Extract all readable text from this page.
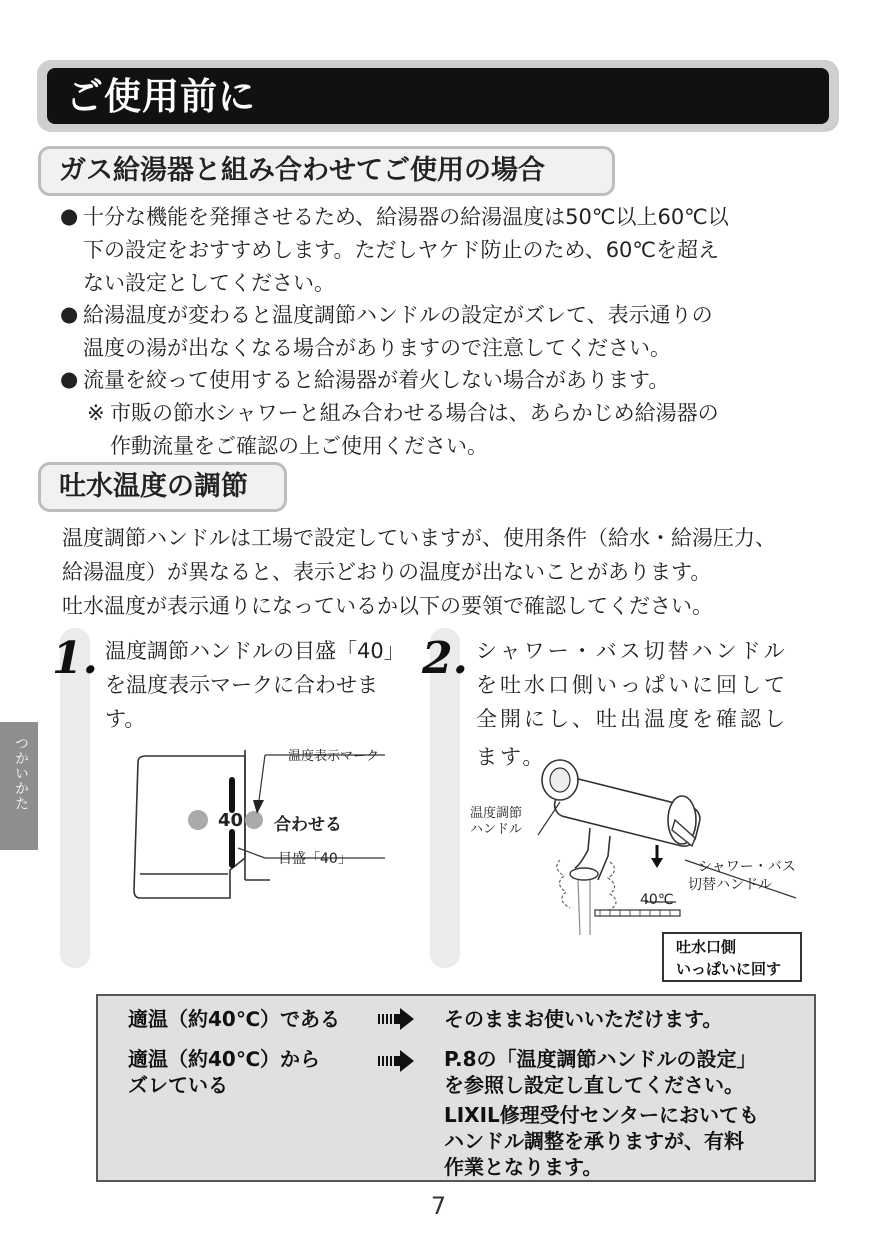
ご使用前に
ガス給湯器と組み合わせてご使用の場合
● 十分な機能を発揮させるため、給湯器の給湯温度は50℃以上60℃以
下の設定をおすすめします。ただしヤケド防止のため、60℃を超え
ない設定としてください。
● 給湯温度が変わると温度調節ハンドルの設定がズレて、表示通りの
温度の湯が出なくなる場合がありますので注意してください。
● 流量を絞って使用すると給湯器が着火しない場合があります。
※ 市販の節水シャワーと組み合わせる場合は、あらかじめ給湯器の
作動流量をご確認の上ご使用ください。
吐水温度の調節
温度調節ハンドルは工場で設定していますが、使用条件（給水・給湯圧力、
給湯温度）が異なると、表示どおりの温度が出ないことがあります。
吐水温度が表示通りになっているか以下の要領で確認してください。
1. 温度調節ハンドルの目盛「40」
を温度表示マークに合わせま
す。
温度表示マーク
40 合わせる
目盛「40」
2. シャワー・バス切替ハンドル
を吐水口側いっぱいに回して
全開にし、吐出温度を確認し
ます。
温度調節
ハンドル
シャワー・バス
切替ハンドル
40℃
吐水口側
いっぱいに回す
つかいかた
適温（約40℃）である	そのままお使いいただけます。
適温（約40℃）から
ズレている
P.8の「温度調節ハンドルの設定」
を参照し設定し直してください。
LIXIL修理受付センターにおいても
ハンドル調整を承りますが、有料
作業となります。
7
